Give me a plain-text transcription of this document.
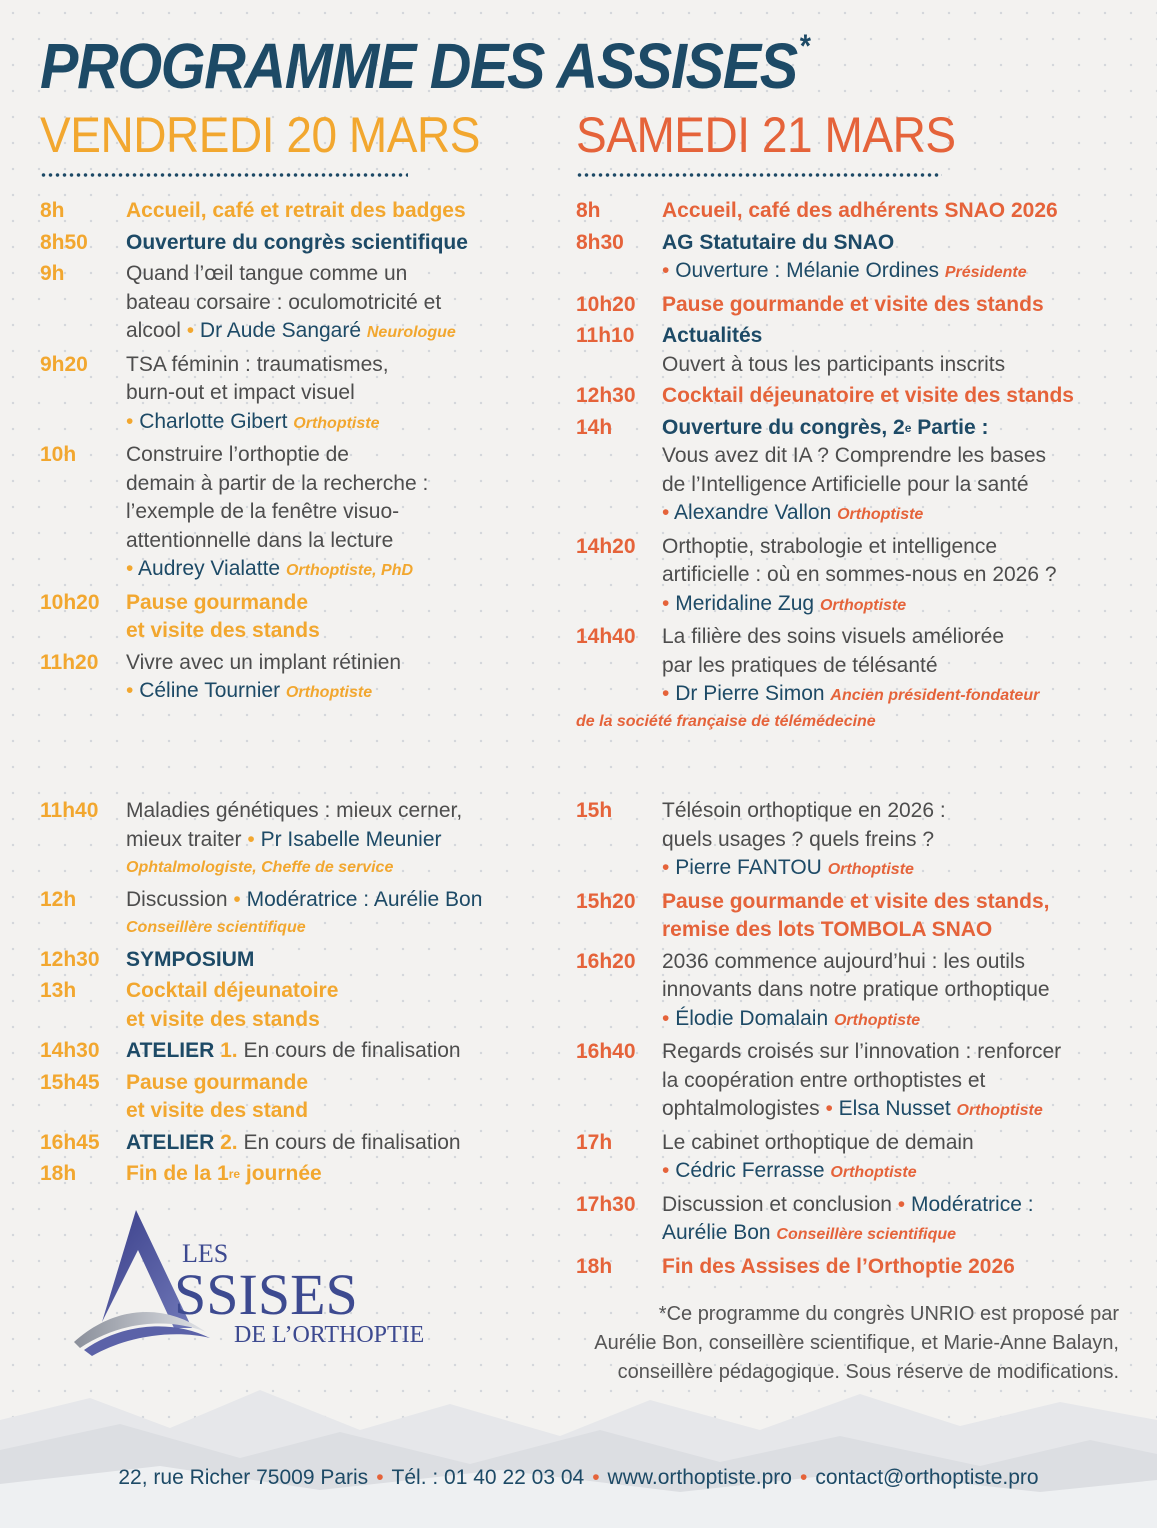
PROGRAMME DES ASSISES*
VENDREDI 20 MARS SAMEDI 21 MARS
8h	Accueil, café et retrait des badges
8h50	Ouverture du congrès scientifique
9h	Quand l’œil tangue comme un
bateau corsaire : oculomotricité et
alcool • Dr Aude Sangaré Neurologue
9h20	TSA féminin : traumatismes,
burn-out et impact visuel
• Charlotte Gibert Orthoptiste
10h	Construire l’orthoptie de
demain à partir de la recherche :
l’exemple de la fenêtre visuo-
attentionnelle dans la lecture
• Audrey Vialatte Orthoptiste, PhD
10h20	Pause gourmande
et visite des stands
11h20	Vivre avec un implant rétinien
• Céline Tournier Orthoptiste
11h40	Maladies génétiques : mieux cerner,
mieux traiter • Pr Isabelle Meunier
Ophtalmologiste, Cheffe de service
12h	Discussion • Modératrice : Aurélie Bon
Conseillère scientifique
12h30	SYMPOSIUM
13h	Cocktail déjeunatoire
et visite des stands
14h30	ATELIER 1. En cours de finalisation
15h45	Pause gourmande
et visite des stand
16h45	ATELIER 2. En cours de finalisation
18h	Fin de la 1re journée
8h	Accueil, café des adhérents SNAO 2026
8h30	AG Statutaire du SNAO
• Ouverture : Mélanie Ordines Présidente
10h20	Pause gourmande et visite des stands
11h10	Actualités
Ouvert à tous les participants inscrits
12h30	Cocktail déjeunatoire et visite des stands
14h	Ouverture du congrès, 2e Partie :
Vous avez dit IA ? Comprendre les bases
de l’Intelligence Artificielle pour la santé
• Alexandre Vallon Orthoptiste
14h20	Orthoptie, strabologie et intelligence
artificielle : où en sommes-nous en 2026 ?
• Meridaline Zug Orthoptiste
14h40	La filière des soins visuels améliorée
par les pratiques de télésanté
• Dr Pierre Simon Ancien président-fondateur
de la société française de télémédecine
15h	Télésoin orthoptique en 2026 :
quels usages ? quels freins ?
• Pierre FANTOU Orthoptiste
15h20	Pause gourmande et visite des stands,
remise des lots TOMBOLA SNAO
16h20	2036 commence aujourd’hui : les outils
innovants dans notre pratique orthoptique
• Élodie Domalain Orthoptiste
16h40	Regards croisés sur l’innovation : renforcer
la coopération entre orthoptistes et
ophtalmologistes • Elsa Nusset Orthoptiste
17h	Le cabinet orthoptique de demain
• Cédric Ferrasse Orthoptiste
17h30	Discussion et conclusion • Modératrice :
Aurélie Bon Conseillère scientifique
18h	Fin des Assises de l’Orthoptie 2026
LES
SSISES
DE L’ORTHOPTIE
*Ce programme du congrès UNRIO est proposé par
Aurélie Bon, conseillère scientifique, et Marie-Anne Balayn,
conseillère pédagogique. Sous réserve de modifications.
22, rue Richer 75009 Paris • Tél. : 01 40 22 03 04 • www.orthoptiste.pro • contact@orthoptiste.pro
